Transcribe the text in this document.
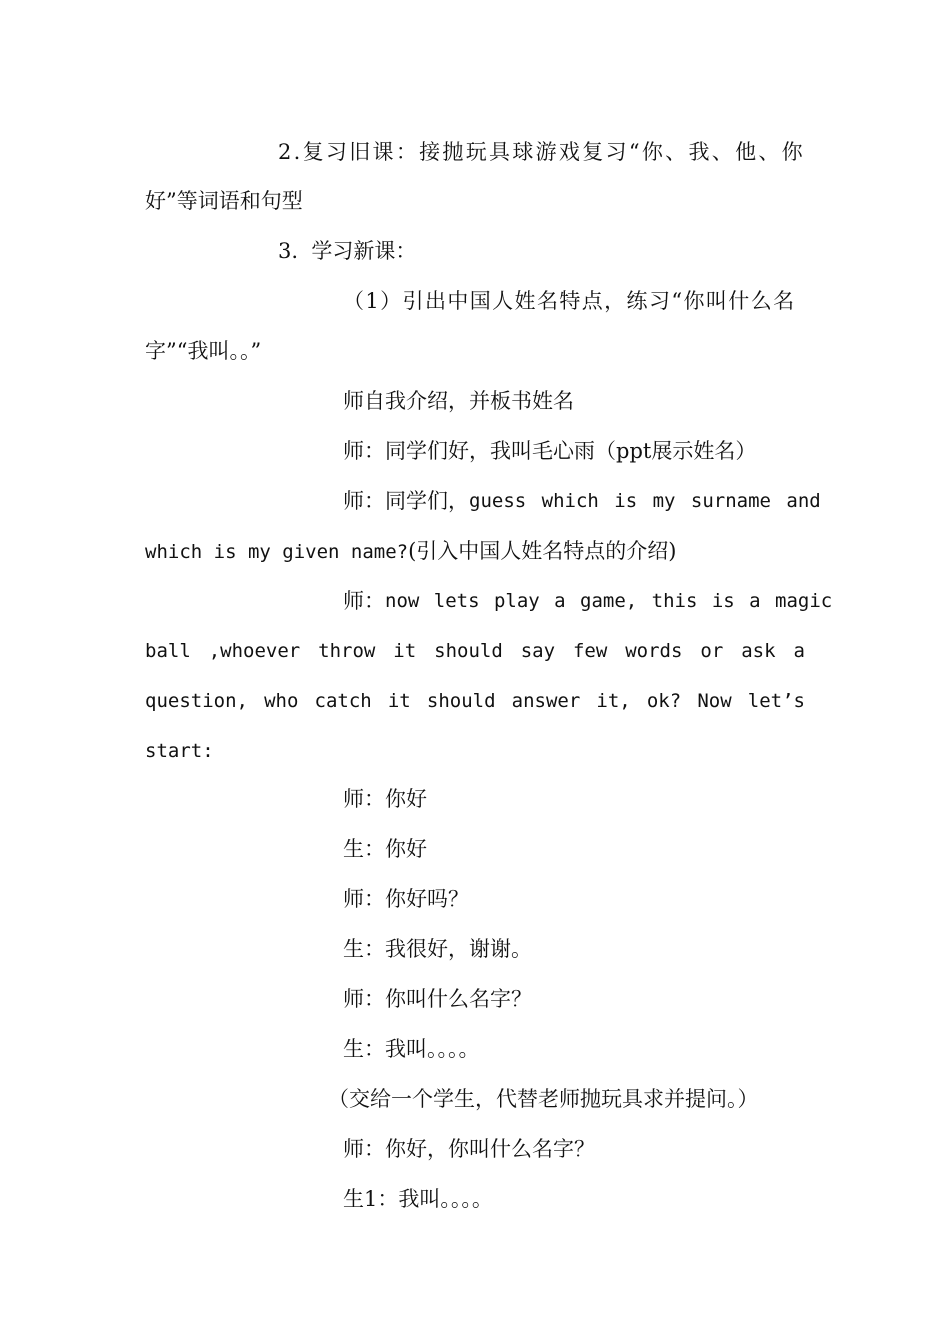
2.复习旧课：接抛玩具球游戏复习“你、我、他、你
好”等词语和句型
3.  学习新课：
（1）引出中国人姓名特点，练习“你叫什么名
字”“我叫。。”
师自我介绍，并板书姓名
师：同学们好，我叫毛心雨（ppt展示姓名）
师：同学们， guess which is my surname and
which is my given name?(引入中国人姓名特点的介绍)
师： now lets play a game, this is a magic
ball ,whoever throw it should say few words or ask a
question, who catch it should answer it, ok? Now let’s
start:
师：你好
生：你好
师：你好吗？
生：我很好，谢谢。
师：你叫什么名字？
生：我叫。。。。
（交给一个学生，代替老师抛玩具求并提问。）
师：你好，你叫什么名字？
生1：我叫。。。。
